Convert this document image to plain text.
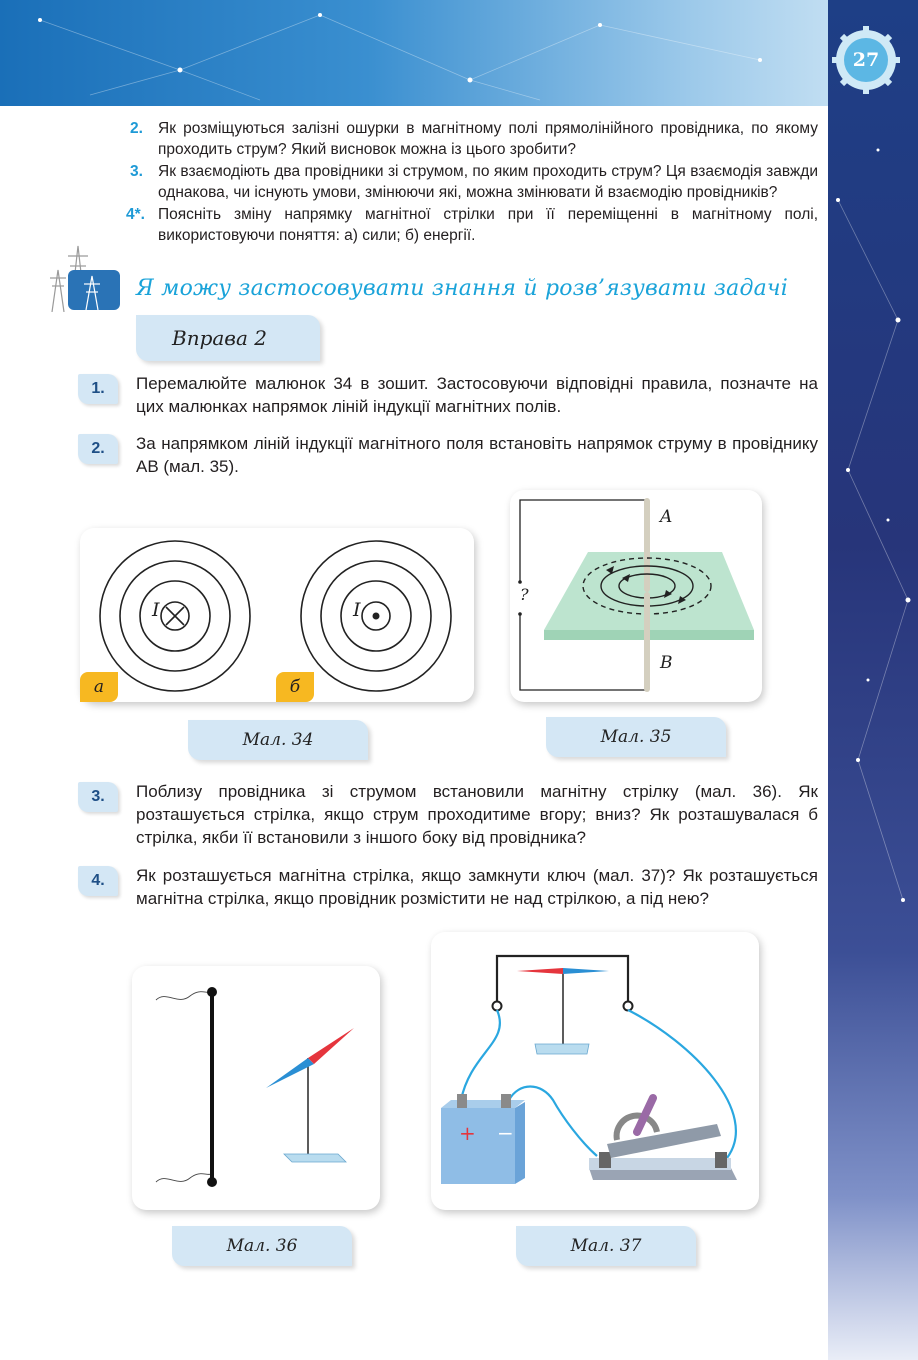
27
2. Як розміщуються залізні ошурки в магнітному полі прямолінійного провідника, по якому проходить струм? Який висновок можна із цього зробити?
3. Як взаємодіють два провідники зі струмом, по яким проходить струм? Ця взаємодія завжди однакова, чи існують умови, змінюючи які, можна змінювати й взаємодію провідників?
4*. Поясніть зміну напрямку магнітної стрілки при її переміщенні в магнітному полі, використовуючи поняття: а) сили; б) енергії.
Я можу застосовувати знання й розв’язувати задачі
Вправа 2
1.	Перемалюйте малюнок 34 в зошит. Застосовуючи відповідні правила, позначте на цих малюнках напрямок ліній індукції магнітних полів.
2.	За напрямком ліній індукції магнітного поля встановіть напрямок струму в провіднику AB (мал. 35).
I	I
а	б
Мал. 34
?
A
B
Мал. 35
3.	Поблизу провідника зі струмом встановили магнітну стрілку (мал. 36). Як розташується стрілка, якщо струм проходитиме вгору; вниз? Як розташувалася б стрілка, якби її встановили з іншого боку від провідника?
4.	Як розташується магнітна стрілка, якщо замкнути ключ (мал. 37)? Як розташується магнітна стрілка, якщо провідник розмістити не над стрілкою, а під нею?
Мал. 36
+ −
Мал. 37
